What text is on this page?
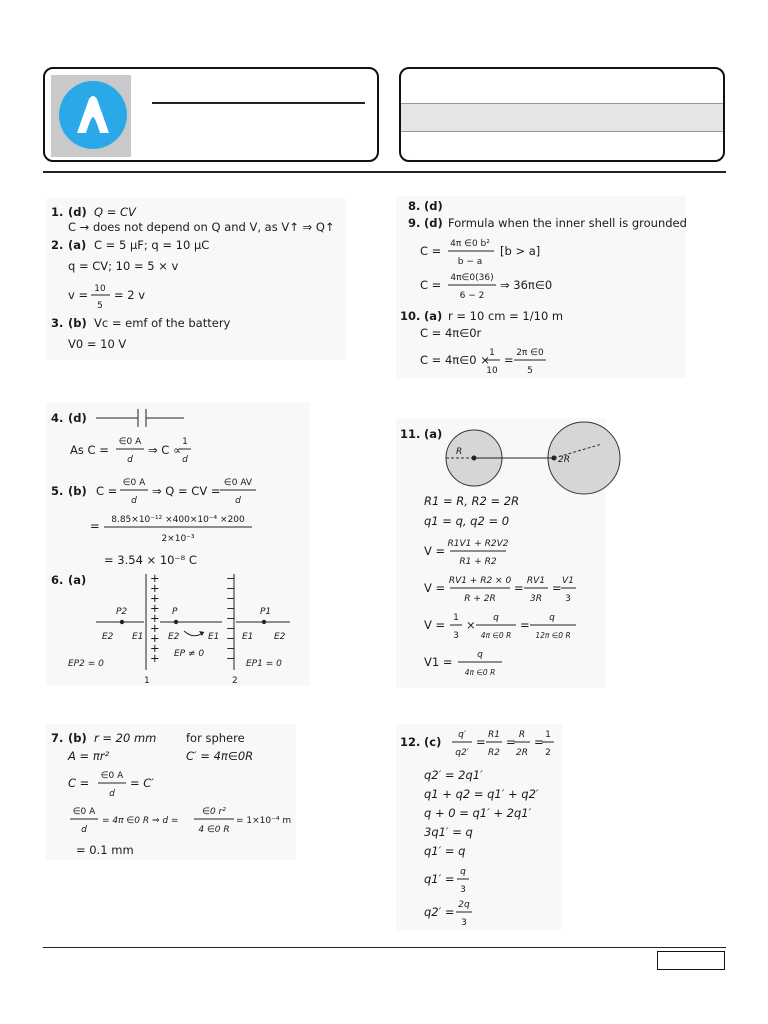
1. (d) Q = CV
C → does not depend on Q and V, as V↑ ⇒ Q↑
2. (a) C = 5 µF; q = 10 µC
q = CV; 10 = 5 × v
v = 10
5
= 2 v
3. (b) Vc = emf of the battery
V0 = 10 V
8. (d)
9. (d) Formula when the inner shell is grounded
C = 4π ∈0 b²
b − a
[b > a]
C = 4π∈0(36)
6 − 2
⇒ 36π∈0
10. (a) r = 10 cm = 1/10 m
C = 4π∈0r
C = 4π∈0 × 1
10
= 2π ∈0
5
4. (d)
As C =
∈0 A
d
⇒ C ∝
1
d
5. (b) C =
∈0 A
d
⇒ Q = CV =
∈0 AV
d
= 8.85×10⁻¹² ×400×10⁻⁴ ×200
2×10⁻³
= 3.54 × 10⁻⁸ C
6. (a)	+
+
+
+
+
+
+
+
+
−
−
−
−
−
−
−
−
−
P2	P	P1
E2 E1	E2	E1	E1 E2
EP2 = 0
EP ≠ 0
EP1 = 0
1	2
11. (a)
R
2R
R1 = R, R2 = 2R
q1 = q, q2 = 0
V = R1V1 + R2V2
R1 + R2
V = RV1 + R2 × 0
R + 2R
= RV1
3R
= V1
3
V = 1
3
× q
4π ∈0 R
= q
12π ∈0 R
V1 =	q
4π ∈0 R
7. (b) r = 20 mm	for sphere
A = πr²	C′ = 4π∈0R
C = ∈0 A
d
= C′
∈0 A
d
= 4π ∈0 R ⇒ d =
∈0 r²
4 ∈0 R
= 1×10⁻⁴ m
= 0.1 mm
12. (c) q′
q2′
= R1
R2
= R
2R
= 1
2
q2′ = 2q1′
q1 + q2 = q1′ + q2′
q + 0 = q1′ + 2q1′
3q1′ = q
q1′ = q
q1′ = q
3
q2′ = 2q
3
